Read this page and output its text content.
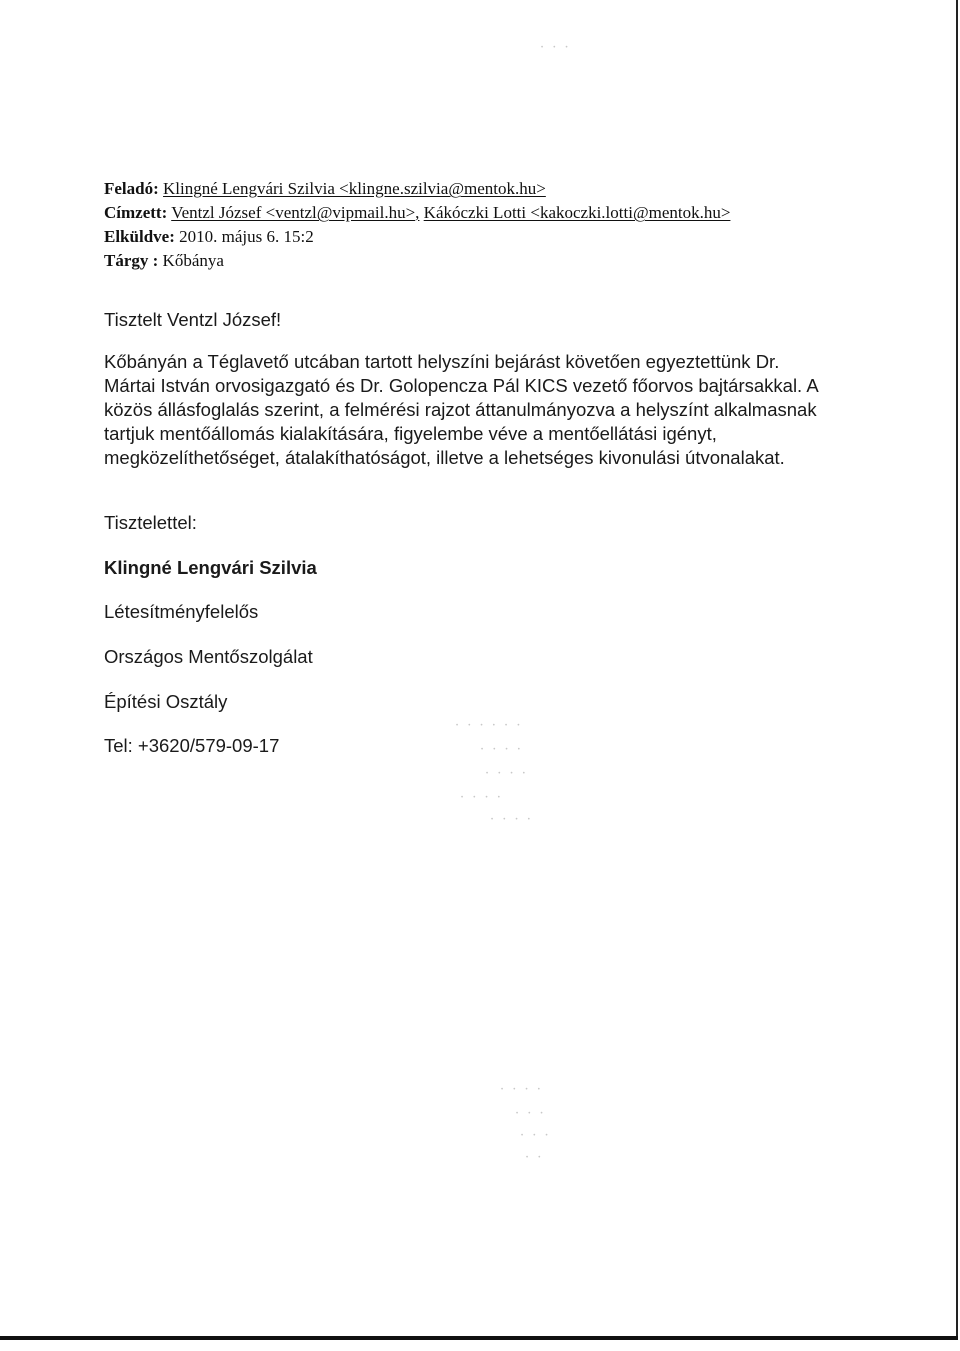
· · ·
· · · · · ·
· · · ·
· · · ·
· · · ·
· · · ·
· · · ·
· · ·
· · ·
· ·
Feladó: Klingné Lengvári Szilvia <klingne.szilvia@mentok.hu>
Címzett: Ventzl József <ventzl@vipmail.hu>, Kákóczki Lotti <kakoczki.lotti@mentok.hu>
Elküldve: 2010. május 6. 15:2
Tárgy : Kőbánya
Tisztelt Ventzl József!
Kőbányán a Téglavető utcában tartott helyszíni bejárást követően egyeztettünk Dr. Mártai István orvosigazgató és Dr. Golopencza Pál KICS vezető főorvos bajtársakkal. A közös állásfoglalás szerint, a felmérési rajzot áttanulmányozva a helyszínt alkalmasnak tartjuk mentőállomás kialakítására, figyelembe véve a mentőellátási igényt, megközelíthetőséget, átalakíthatóságot, illetve a lehetséges kivonulási útvonalakat.
Tisztelettel:
Klingné Lengvári Szilvia
Létesítményfelelős
Országos Mentőszolgálat
Építési Osztály
Tel: +3620/579-09-17
